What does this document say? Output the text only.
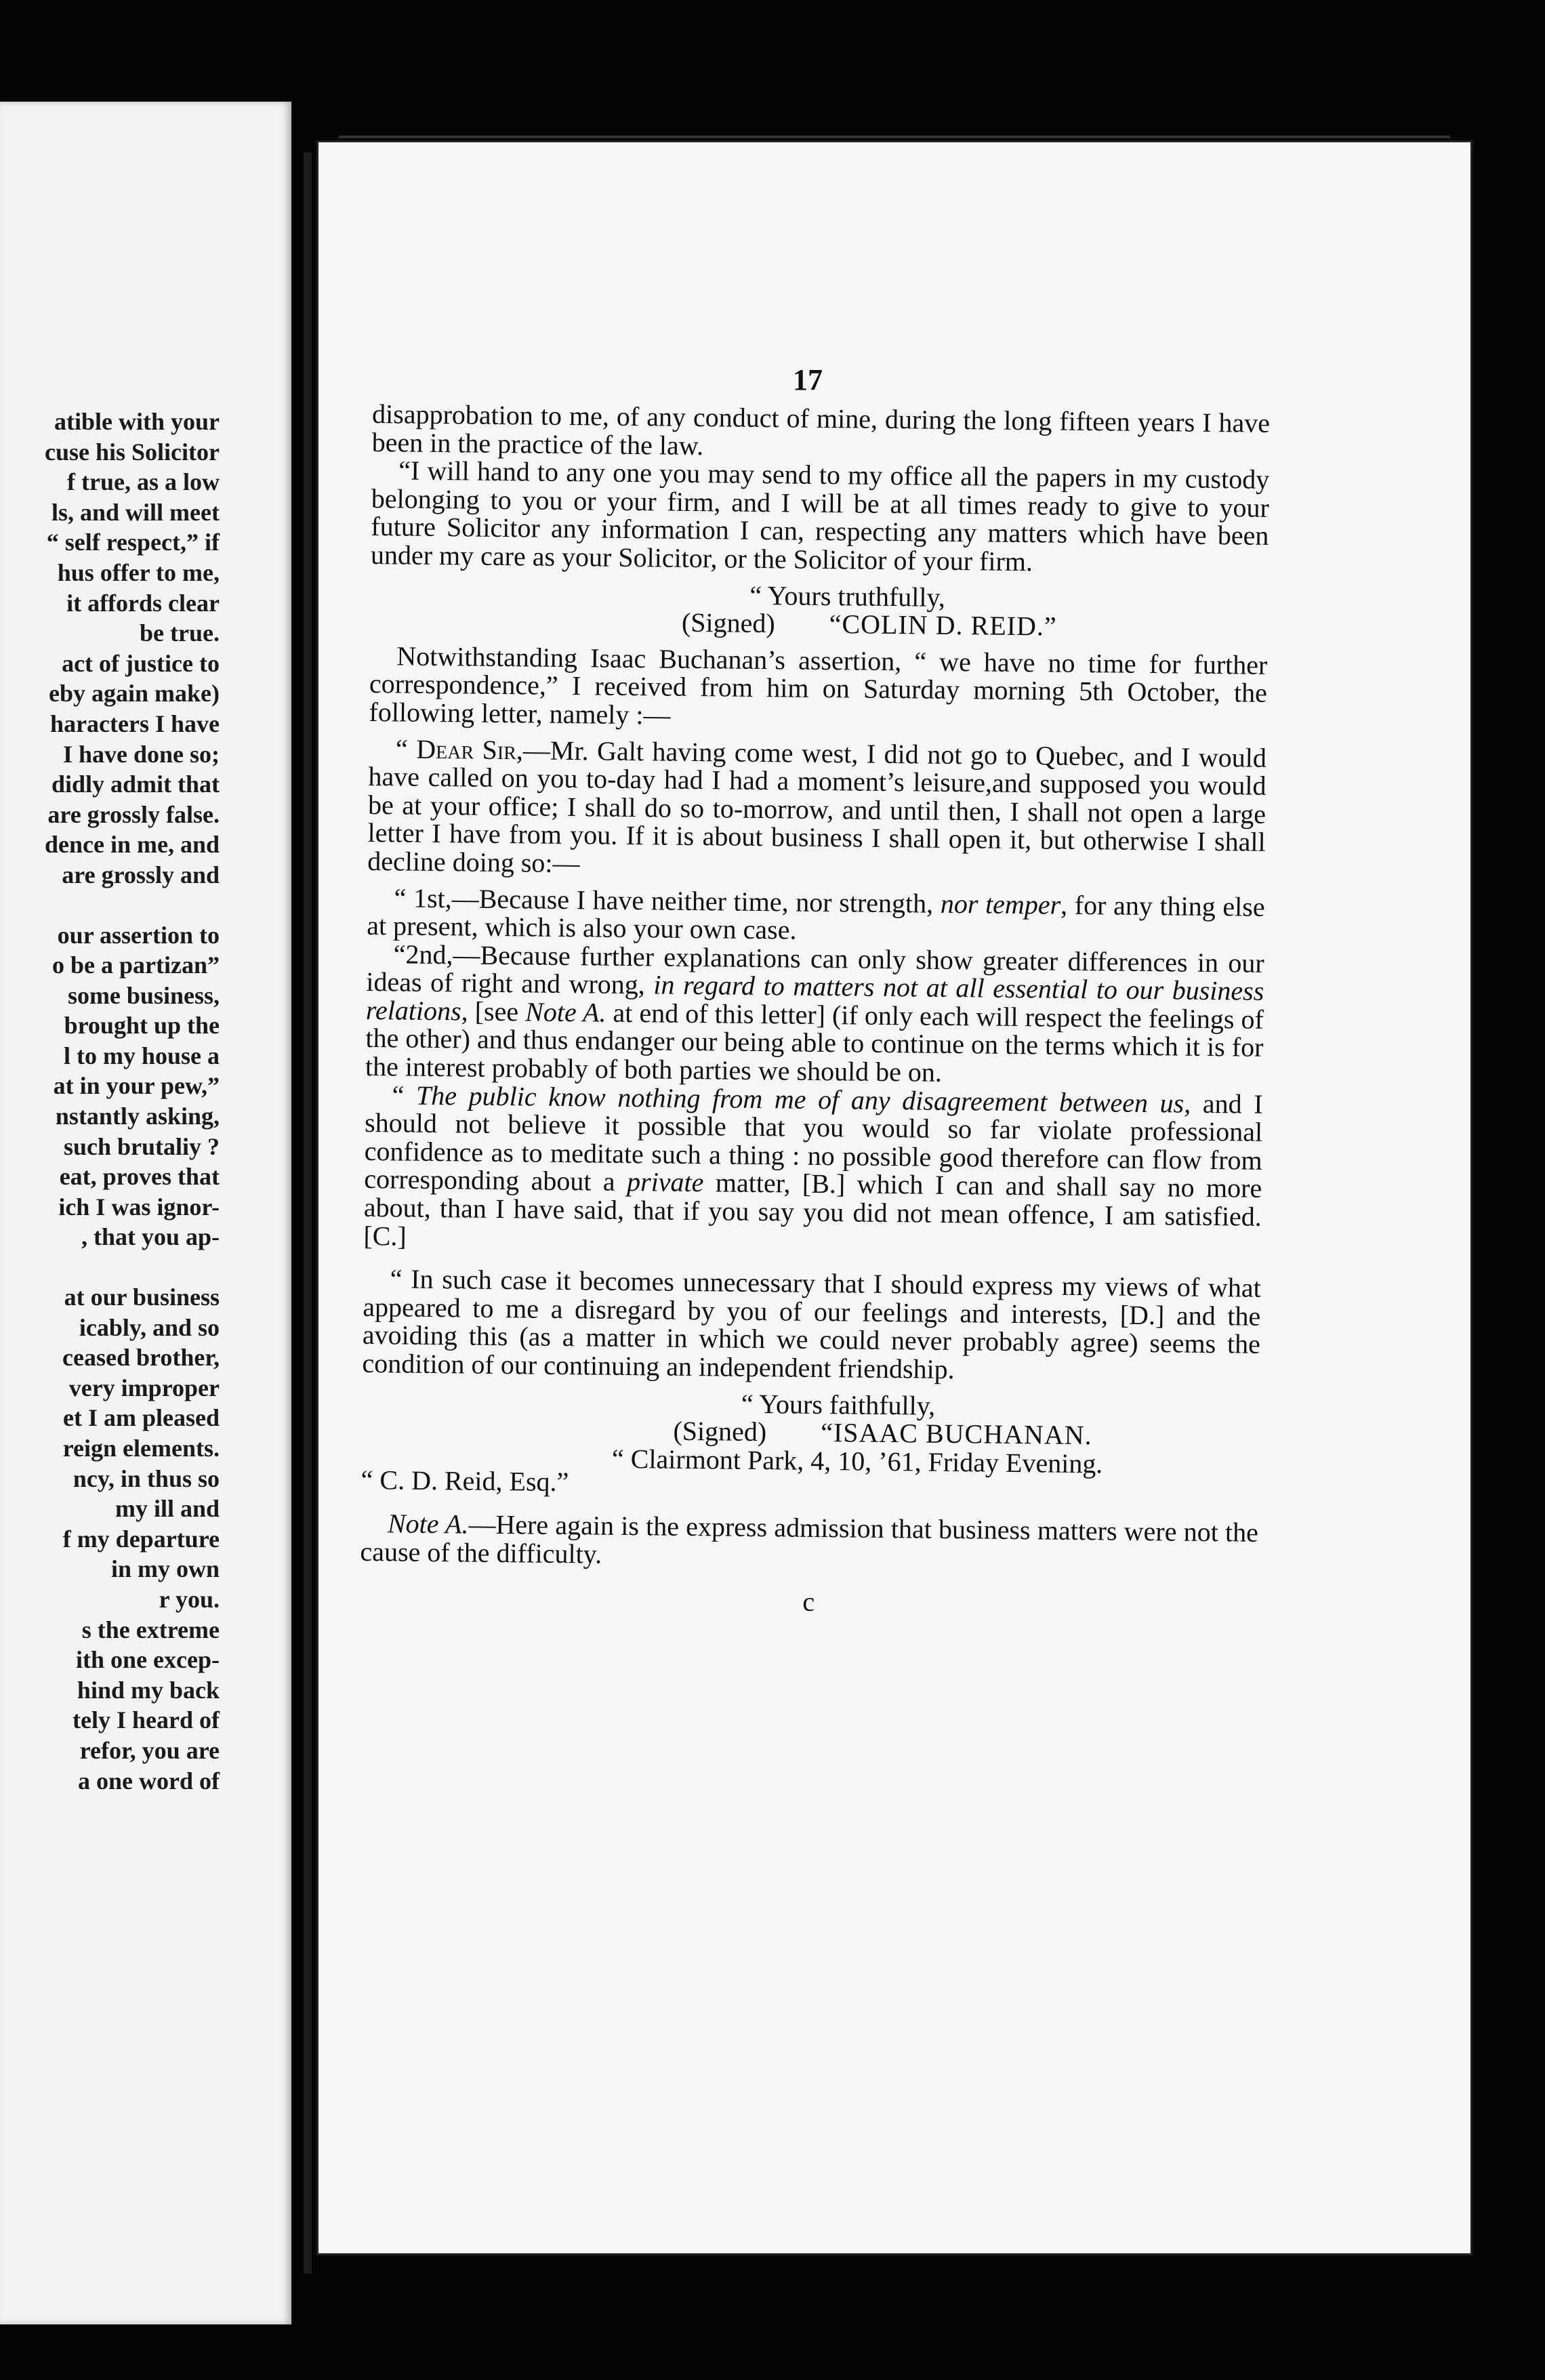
atible with your
cuse his Solicitor
f true, as a low
ls, and will meet
“ self respect,” if
hus offer to me,
it affords clear
be true.
act of justice to
eby again make)
haracters I have
I have done so;
didly admit that
are grossly false.
dence in me, and
are grossly and
our assertion to
o be a partizan”
some business,
brought up the
l to my house a
at in your pew,”
nstantly asking,
such brutaliy ?
eat, proves that
ich I was ignor-
, that you ap-
at our business
icably, and so
ceased brother,
very improper
et I am pleased
reign elements.
ncy, in thus so
my ill and
f my departure
in my own
r you.
s the extreme
ith one excep-
hind my back
tely I heard of
refor, you are
a one word of
17

disapprobation to me, of any conduct of mine, during the long fifteen years I have been in the practice of the law.

“I will hand to any one you may send to my office all the papers in my custody belonging to you or your firm, and I will be at all times ready to give to your future Solicitor any information I can, respecting any matters which have been under my care as your Solicitor, or the Solicitor of your firm.

“ Yours truthfully,

(Signed) “COLIN D. REID.”

Notwithstanding Isaac Buchanan’s assertion, “ we have no time for further correspondence,” I received from him on Saturday morning 5th October, the following letter, namely :—

“ Dear Sir,—Mr. Galt having come west, I did not go to Quebec, and I would have called on you to-day had I had a moment’s leisure,and supposed you would be at your office; I shall do so to-morrow, and until then, I shall not open a large letter I have from you. If it is about business I shall open it, but otherwise I shall decline doing so:—

“ 1st,—Because I have neither time, nor strength, nor temper, for any thing else at present, which is also your own case.

“2nd,—Because further explanations can only show greater differences in our ideas of right and wrong, in regard to matters not at all essential to our business relations, [see Note A. at end of this letter] (if only each will respect the feelings of the other) and thus endanger our being able to continue on the terms which it is for the interest probably of both parties we should be on.

“ The public know nothing from me of any disagreement between us, and I should not believe it possible that you would so far violate professional confidence as to meditate such a thing : no possible good therefore can flow from corresponding about a private matter, [B.] which I can and shall say no more about, than I have said, that if you say you did not mean offence, I am satisfied. [C.]

“ In such case it becomes unnecessary that I should express my views of what appeared to me a disregard by you of our feelings and interests, [D.] and the avoiding this (as a matter in which we could never probably agree) seems the condition of our continuing an independent friendship.

“ Yours faithfully,

(Signed) “ISAAC BUCHANAN.

“ Clairmont Park, 4, 10, ’61, Friday Evening.

“ C. D. Reid, Esq.”

Note A.—Here again is the express admission that business matters were not the cause of the difficulty.

c
